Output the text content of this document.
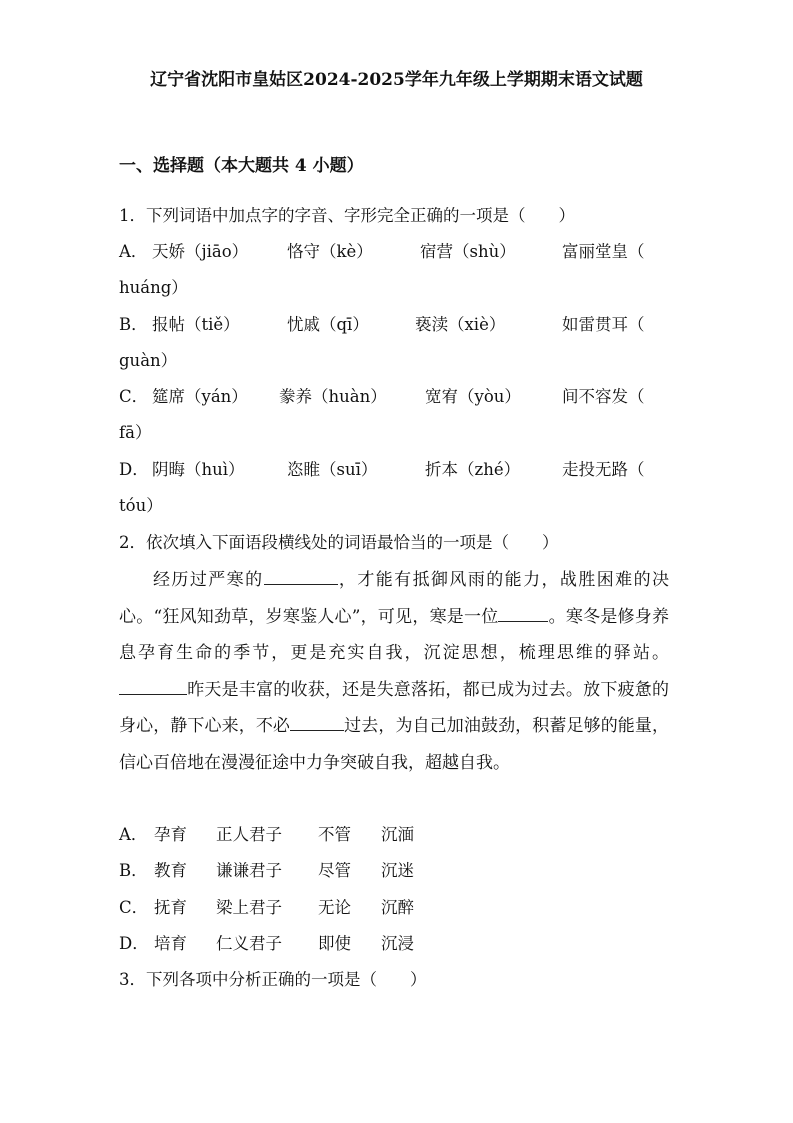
辽宁省沈阳市皇姑区2024-2025学年九年级上学期期末语文试题
一、选择题（本大题共 4 小题）
1．下列词语中加点字的字音、字形完全正确的一项是（　　）
A． 天娇（jiāo） 恪守（kè）	宿营（shù）	富丽堂皇（
huáng）
B． 报帖（tiě）	忧戚（qī）	亵渎（xiè）	如雷贯耳（
guàn）
C． 筵席（yán） 豢养（huàn） 宽宥（yòu） 间不容发（
fā）
D． 阴晦（huì）	恣睢（suī）	折本（zhé）	走投无路（
tóu）
2．依次填入下面语段横线处的词语最恰当的一项是（　　）
经历过严寒的	，才能有抵御风雨的能力，战胜困难的决心。“狂风知劲草，岁寒鉴人心”，可见，寒是一位	。寒冬是修身养息孕育生命的季节，更是充实自我，沉淀思想，梳理思维的驿站。昨天是丰富的收获，还是失意落拓，都已成为过去。放下疲惫的身心，静下心来，不必	过去，为自己加油鼓劲，积蓄足够的能量，信心百倍地在漫漫征途中力争突破自我，超越自我。
A． 孕育 正人君子 不管 沉湎
B． 教育 谦谦君子 尽管 沉迷
C． 抚育 梁上君子 无论 沉醉
D． 培育 仁义君子 即使 沉浸
3．下列各项中分析正确的一项是（　　）
